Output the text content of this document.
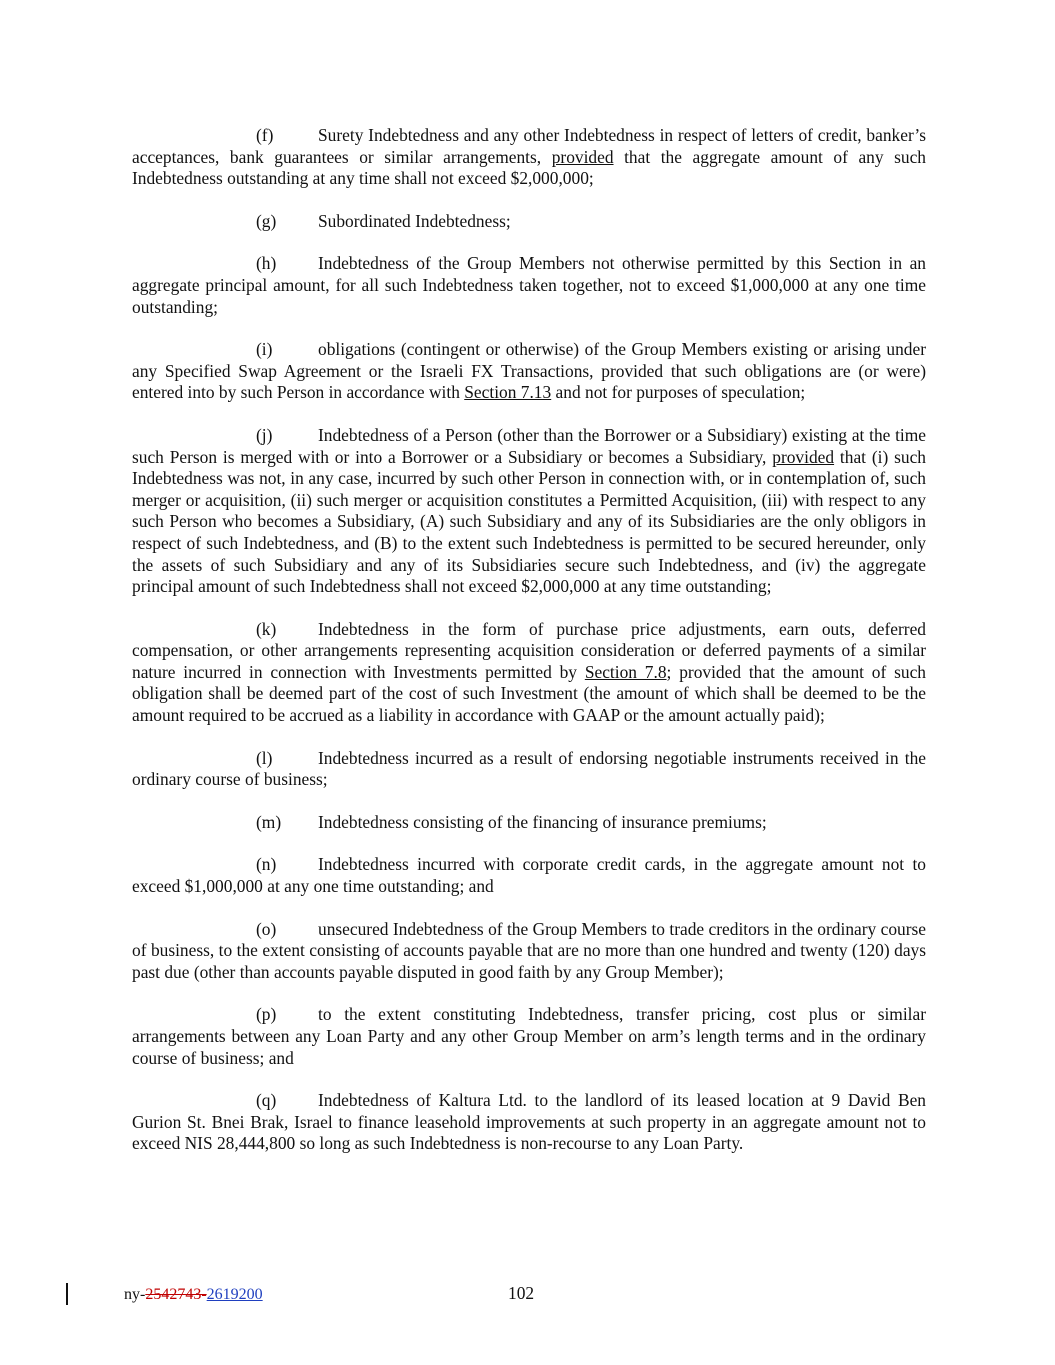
(f)	Surety Indebtedness and any other Indebtedness in respect of letters of credit, banker’s acceptances, bank guarantees or similar arrangements, provided that the aggregate amount of any such Indebtedness outstanding at any time shall not exceed $2,000,000;

(g) Subordinated Indebtedness;

(h) Indebtedness of the Group Members not otherwise permitted by this Section in an aggregate principal amount, for all such Indebtedness taken together, not to exceed $1,000,000 at any one time outstanding;

(i)	obligations (contingent or otherwise) of the Group Members existing or arising under any Specified Swap Agreement or the Israeli FX Transactions, provided that such obligations are (or were) entered into by such Person in accordance with Section 7.13 and not for purposes of speculation;

(j)	Indebtedness of a Person (other than the Borrower or a Subsidiary) existing at the time such Person is merged with or into a Borrower or a Subsidiary or becomes a Subsidiary, provided that (i) such Indebtedness was not, in any case, incurred by such other Person in connection with, or in contemplation of, such merger or acquisition, (ii) such merger or acquisition constitutes a Permitted Acquisition, (iii) with respect to any such Person who becomes a Subsidiary, (A) such Subsidiary and any of its Subsidiaries are the only obligors in respect of such Indebtedness, and (B) to the extent such Indebtedness is permitted to be secured hereunder, only the assets of such Subsidiary and any of its Subsidiaries secure such Indebtedness, and (iv) the aggregate principal amount of such Indebtedness shall not exceed $2,000,000 at any time outstanding;

(k) Indebtedness in the form of purchase price adjustments, earn outs, deferred compensation, or other arrangements representing acquisition consideration or deferred payments of a similar nature incurred in connection with Investments permitted by Section 7.8; provided that the amount of such obligation shall be deemed part of the cost of such Investment (the amount of which shall be deemed to be the amount required to be accrued as a liability in accordance with GAAP or the amount actually paid);

(l)	Indebtedness incurred as a result of endorsing negotiable instruments received in the ordinary course of business;

(m) Indebtedness consisting of the financing of insurance premiums;

(n) Indebtedness incurred with corporate credit cards, in the aggregate amount not to exceed $1,000,000 at any one time outstanding; and

(o) unsecured Indebtedness of the Group Members to trade creditors in the ordinary course of business, to the extent consisting of accounts payable that are no more than one hundred and twenty (120) days past due (other than accounts payable disputed in good faith by any Group Member);

(p) to the extent constituting Indebtedness, transfer pricing, cost plus or similar arrangements between any Loan Party and any other Group Member on arm’s length terms and in the ordinary course of business; and

(q) Indebtedness of Kaltura Ltd. to the landlord of its leased location at 9 David Ben Gurion St. Bnei Brak, Israel to finance leasehold improvements at such property in an aggregate amount not to exceed NIS 28,444,800 so long as such Indebtedness is non-recourse to any Loan Party.

ny-2542743-2619200	102
